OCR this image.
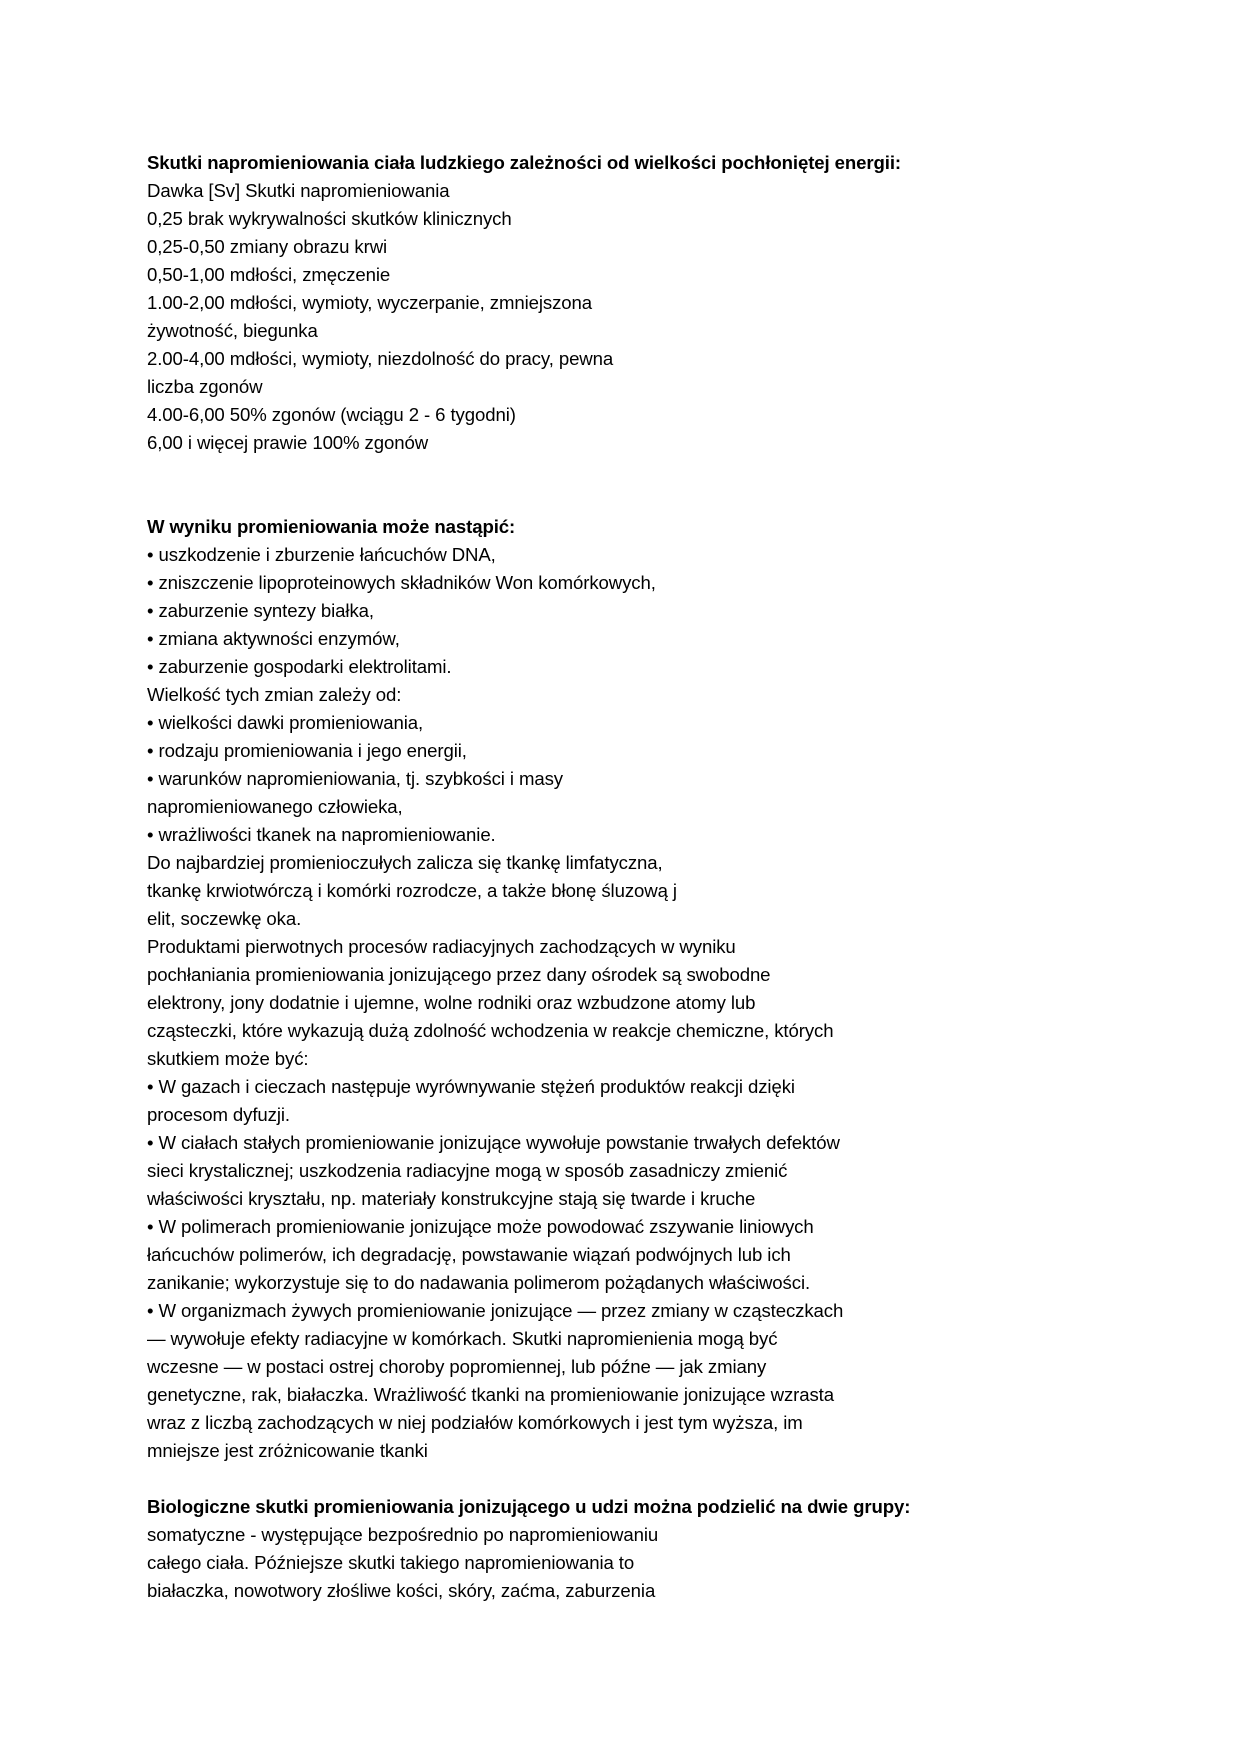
Skutki napromieniowania ciała ludzkiego zależności od wielkości pochłoniętej energii:
Dawka [Sv] Skutki napromieniowania
0,25 brak wykrywalności skutków klinicznych
0,25-0,50 zmiany obrazu krwi
0,50-1,00 mdłości, zmęczenie
1.00-2,00 mdłości, wymioty, wyczerpanie, zmniejszona
żywotność, biegunka
2.00-4,00 mdłości, wymioty, niezdolność do pracy, pewna
liczba zgonów
4.00-6,00 50% zgonów (wciągu 2 - 6 tygodni)
6,00 i więcej prawie 100% zgonów
W wyniku promieniowania może nastąpić:
• uszkodzenie i zburzenie łańcuchów DNA,
• zniszczenie lipoproteinowych składników Won komórkowych,
• zaburzenie syntezy białka,
• zmiana aktywności enzymów,
• zaburzenie gospodarki elektrolitami.
Wielkość tych zmian zależy od:
• wielkości dawki promieniowania,
• rodzaju promieniowania i jego energii,
• warunków napromieniowania, tj. szybkości i masy
napromieniowanego człowieka,
• wrażliwości tkanek na napromieniowanie.
Do najbardziej promienioczułych zalicza się tkankę limfatyczna,
tkankę krwiotwórczą i komórki rozrodcze, a także błonę śluzową j
elit, soczewkę oka.
Produktami pierwotnych procesów radiacyjnych zachodzących w wyniku
pochłaniania promieniowania jonizującego przez dany ośrodek są swobodne
elektrony, jony dodatnie i ujemne, wolne rodniki oraz wzbudzone atomy lub
cząsteczki, które wykazują dużą zdolność wchodzenia w reakcje chemiczne, których
skutkiem może być:
• W gazach i cieczach następuje wyrównywanie stężeń produktów reakcji dzięki
procesom dyfuzji.
• W ciałach stałych promieniowanie jonizujące wywołuje powstanie trwałych defektów
sieci krystalicznej; uszkodzenia radiacyjne mogą w sposób zasadniczy zmienić
właściwości kryształu, np. materiały konstrukcyjne stają się twarde i kruche
• W polimerach promieniowanie jonizujące może powodować zszywanie liniowych
łańcuchów polimerów, ich degradację, powstawanie wiązań podwójnych lub ich
zanikanie; wykorzystuje się to do nadawania polimerom pożądanych właściwości.
• W organizmach żywych promieniowanie jonizujące — przez zmiany w cząsteczkach
— wywołuje efekty radiacyjne w komórkach. Skutki napromienienia mogą być
wczesne — w postaci ostrej choroby popromiennej, lub późne — jak zmiany
genetyczne, rak, białaczka. Wrażliwość tkanki na promieniowanie jonizujące wzrasta
wraz z liczbą zachodzących w niej podziałów komórkowych i jest tym wyższa, im
mniejsze jest zróżnicowanie tkanki
Biologiczne skutki promieniowania jonizującego u udzi można podzielić na dwie grupy:
somatyczne - występujące bezpośrednio po napromieniowaniu
całego ciała. Późniejsze skutki takiego napromieniowania to
białaczka, nowotwory złośliwe kości, skóry, zaćma, zaburzenia
